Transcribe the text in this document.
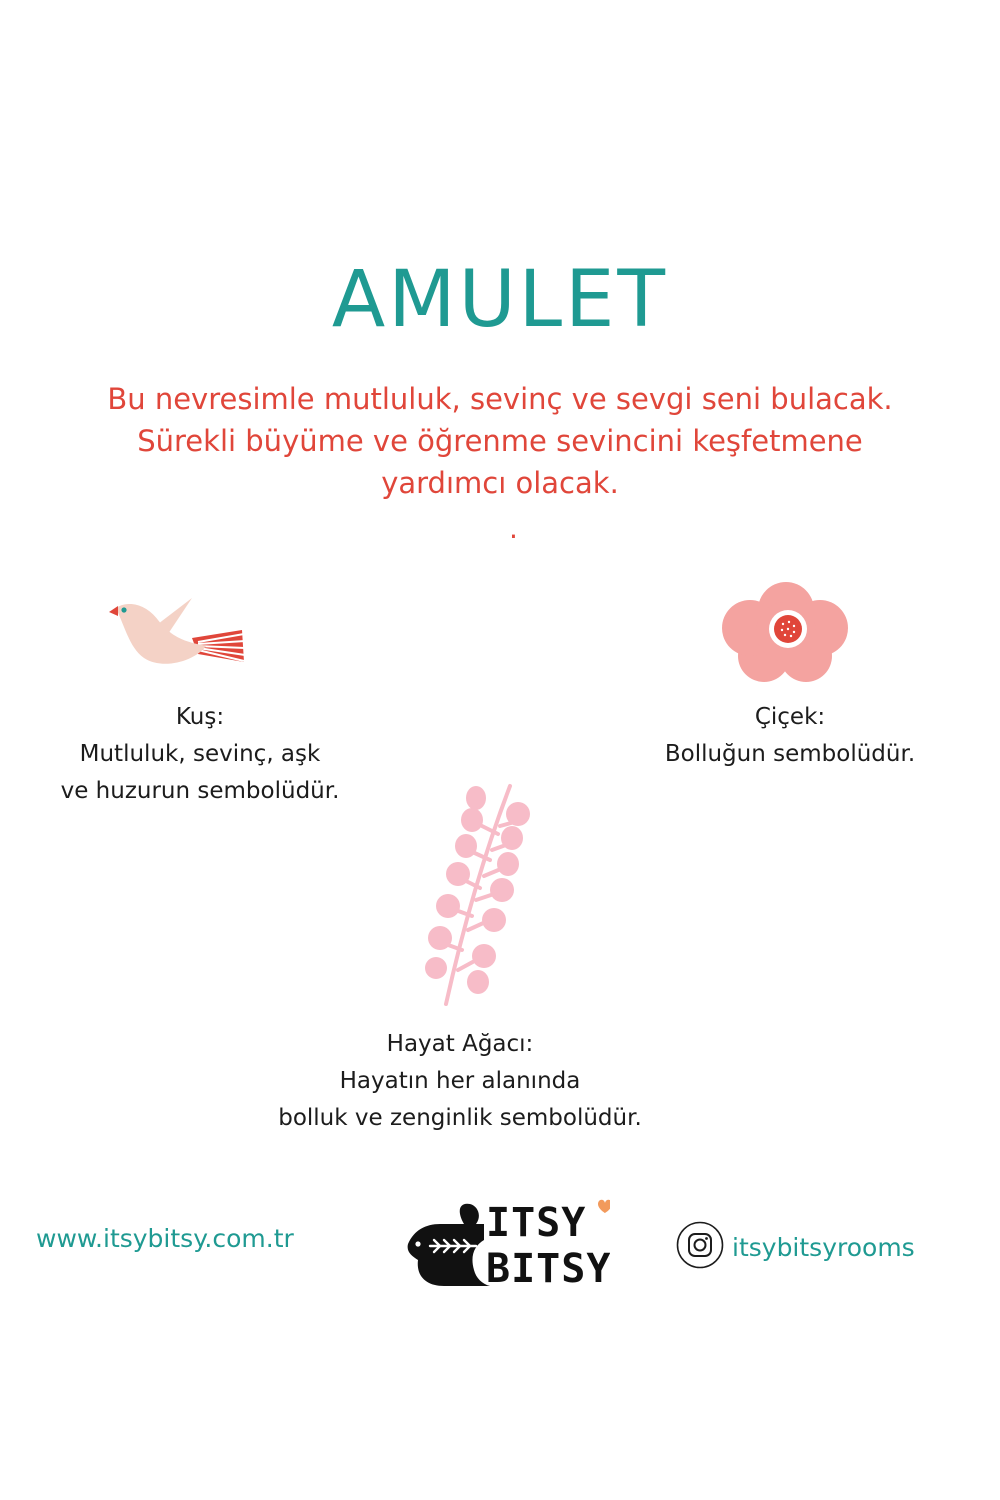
AMULET
Bu nevresimle mutluluk, sevinç ve sevgi seni bulacak.
Sürekli büyüme ve öğrenme sevincini keşfetmene
yardımcı olacak.
.
Kuş:
Mutluluk, sevinç, aşk
ve huzurun sembolüdür.
Çiçek:
Bolluğun sembolüdür.
Hayat Ağacı:
Hayatın her alanında
bolluk ve zenginlik sembolüdür.
www.itsybitsy.com.tr	ITSY
BITSY	itsybitsyrooms
